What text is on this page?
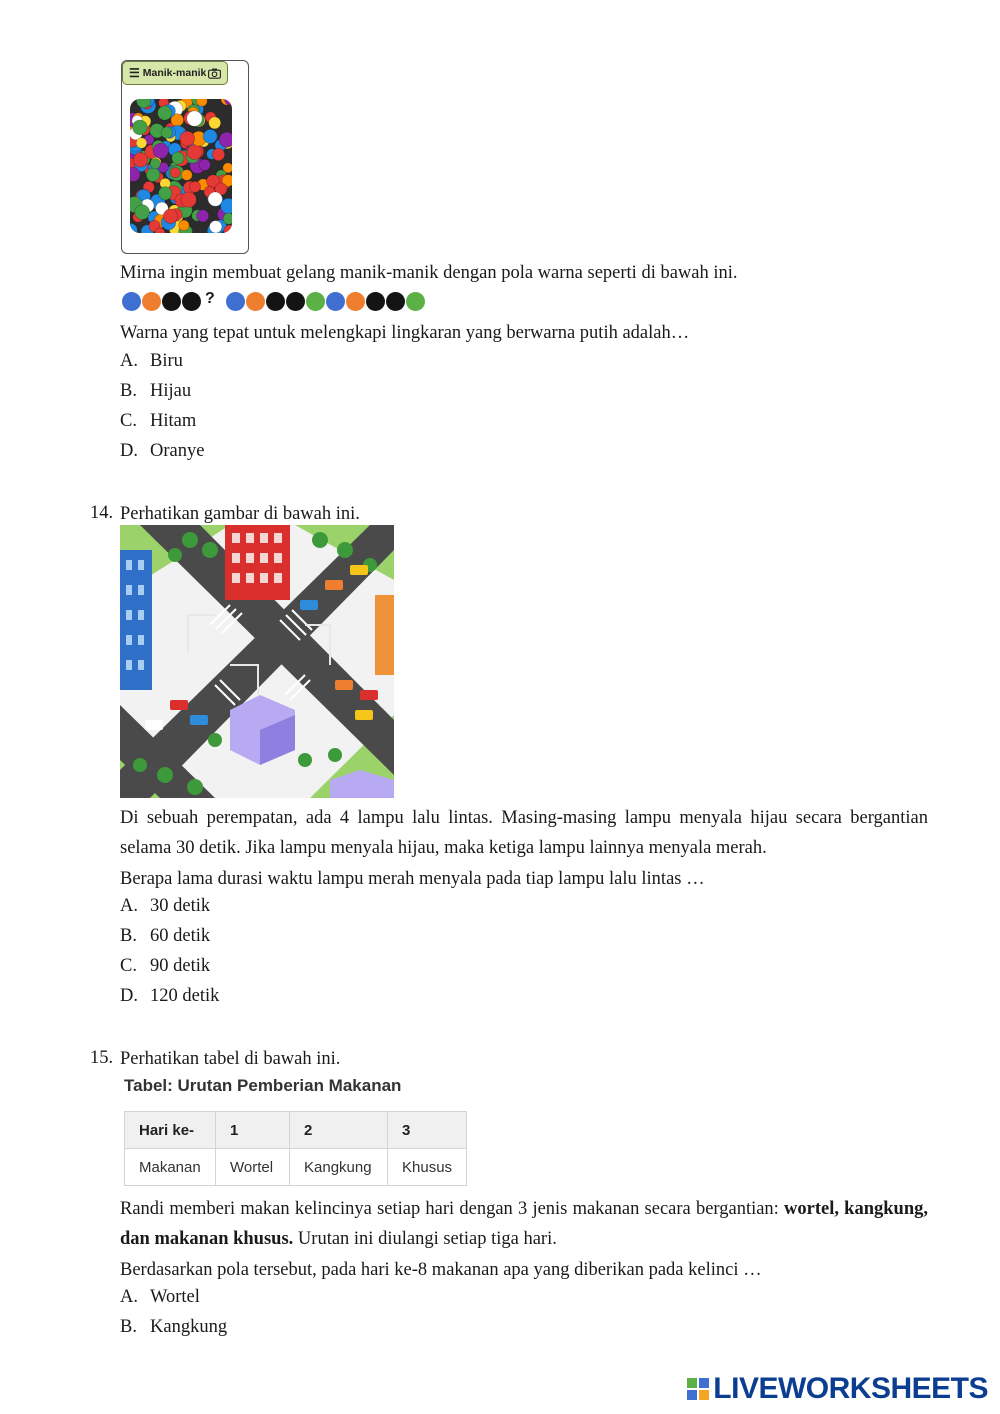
☰ Manik-manik
Mirna ingin membuat gelang manik-manik dengan pola warna seperti di bawah ini.
?
Warna yang tepat untuk melengkapi lingkaran yang berwarna putih adalah…
A. Biru
B. Hijau
C. Hitam
D. Oranye
14. Perhatikan gambar di bawah ini.
Di sebuah perempatan, ada 4 lampu lalu lintas. Masing-masing lampu menyala hijau secara bergantian selama 30 detik. Jika lampu menyala hijau, maka ketiga lampu lainnya menyala merah.
Berapa lama durasi waktu lampu merah menyala pada tiap lampu lalu lintas …
A. 30 detik
B. 60 detik
C. 90 detik
D. 120 detik
15. Perhatikan tabel di bawah ini.
Tabel: Urutan Pemberian Makanan
Hari ke-	1	2	3
Makanan	Wortel	Kangkung	Khusus
Randi memberi makan kelincinya setiap hari dengan 3 jenis makanan secara bergantian: wortel, kangkung, dan makanan khusus. Urutan ini diulangi setiap tiga hari.
Berdasarkan pola tersebut, pada hari ke-8 makanan apa yang diberikan pada kelinci …
A. Wortel
B. Kangkung
LIVE WORKSHEETS
